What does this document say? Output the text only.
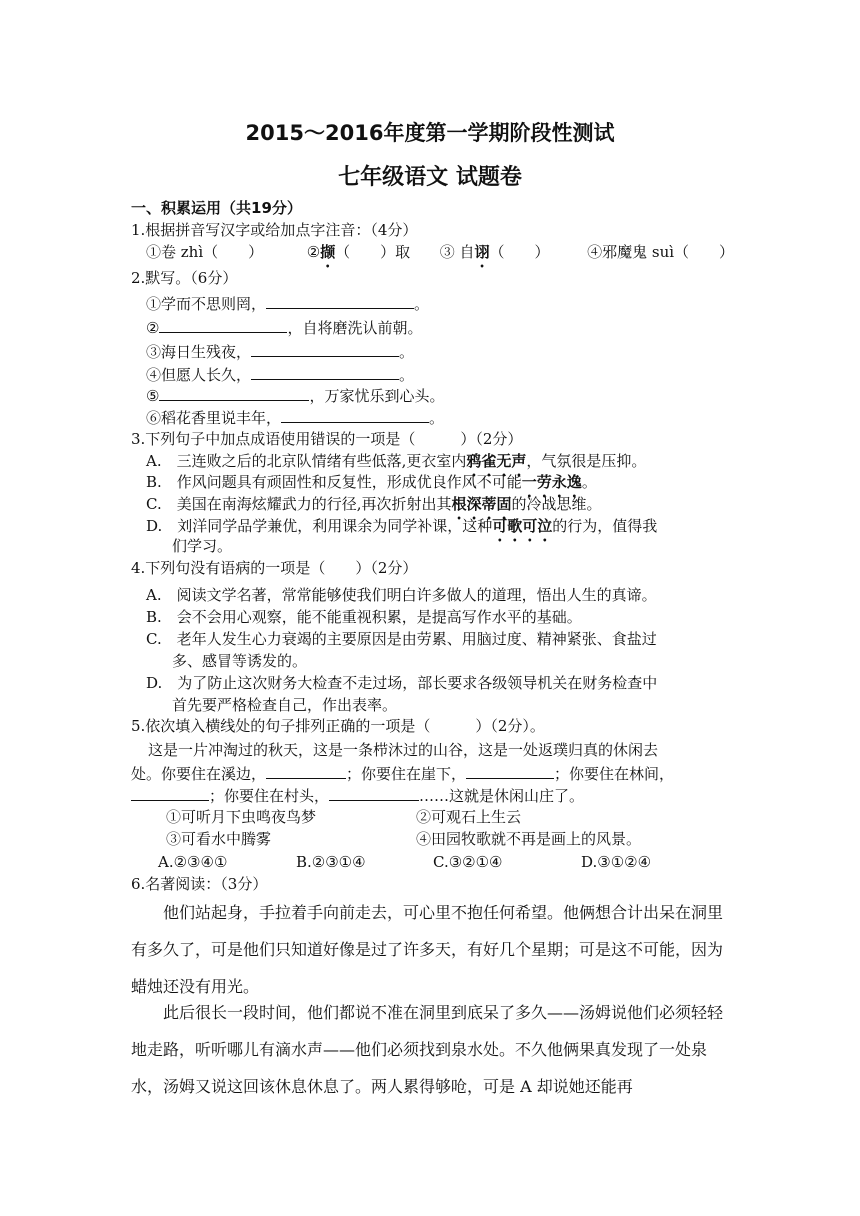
2015～2016年度第一学期阶段性测试
七年级语文 试题卷
一、积累运用（共19分）
1.根据拼音写汉字或给加点字注音：（4分）
①卷 zhì（　　）	②撷（　　）取 ③ 自诩（　　）	④邪魔鬼 suì（　　）
2.默写。（6分）
①学而不思则罔，	。
②	，自将磨洗认前朝。
③海日生残夜，	。
④但愿人长久，	。
⑤	，万家忧乐到心头。
⑥稻花香里说丰年，	。
3.下列句子中加点成语使用错误的一项是（　　　）（2分）
A.　三连败之后的北京队情绪有些低落,更衣室内鸦雀无声，气氛很是压抑。
B.　作风问题具有顽固性和反复性，形成优良作风不可能一劳永逸。
C.　美国在南海炫耀武力的行径,再次折射出其根深蒂固的冷战思维。
D.　刘洋同学品学兼优，利用课余为同学补课，这种可歌可泣的行为，值得我
们学习。
4.下列句没有语病的一项是（　　）（2分）
A.　阅读文学名著，常常能够使我们明白许多做人的道理，悟出人生的真谛。
B.　会不会用心观察，能不能重视积累，是提高写作水平的基础。
C.　老年人发生心力衰竭的主要原因是由劳累、用脑过度、精神紧张、食盐过
多、感冒等诱发的。
D.　为了防止这次财务大检查不走过场，部长要求各级领导机关在财务检查中
首先要严格检查自己，作出表率。
5.依次填入横线处的句子排列正确的一项是（　　　）（2分）。
这是一片冲淘过的秋天，这是一条栉沐过的山谷，这是一处返璞归真的休闲去
处。你要住在溪边，	；你要住在崖下，	；你要住在林间，
；你要住在村头，	……这就是休闲山庄了。
①可听月下虫鸣夜鸟梦	②可观石上生云
③可看水中腾雾	④田园牧歌就不再是画上的风景。
A.②③④①	B.②③①④	C.③②①④	D.③①②④
6.名著阅读：（3分）
他们站起身，手拉着手向前走去，可心里不抱任何希望。他俩想合计出呆在洞里有多久了，可是他们只知道好像是过了许多天，有好几个星期；可是这不可能，因为蜡烛还没有用光。
此后很长一段时间，他们都说不准在洞里到底呆了多久——汤姆说他们必须轻轻地走路，听听哪儿有滴水声——他们必须找到泉水处。不久他俩果真发现了一处泉水，汤姆又说这回该休息休息了。两人累得够呛，可是 A 却说她还能再
